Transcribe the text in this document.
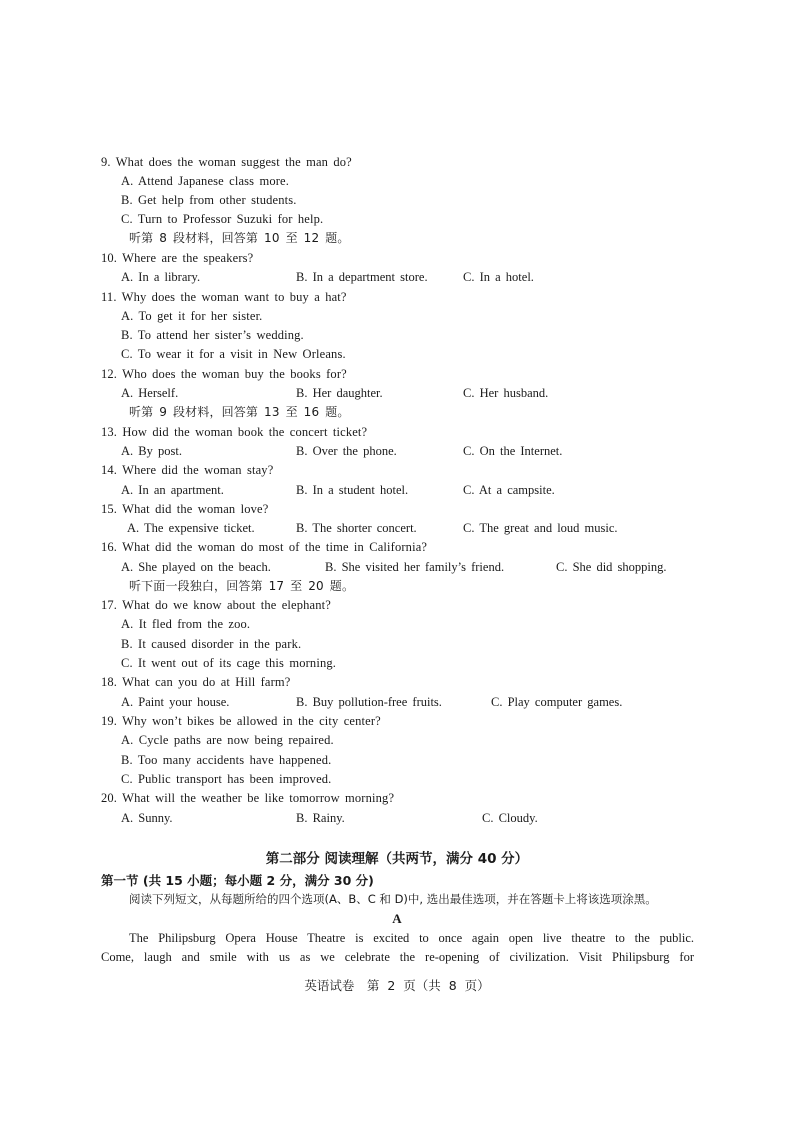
9. What does the woman suggest the man do?
A. Attend Japanese class more.
B. Get help from other students.
C. Turn to Professor Suzuki for help.
听第 8 段材料，回答第 10 至 12 题。
10. Where are the speakers?
A. In a library.	B. In a department store.	C. In a hotel.
11. Why does the woman want to buy a hat?
A. To get it for her sister.
B. To attend her sister’s wedding.
C. To wear it for a visit in New Orleans.
12. Who does the woman buy the books for?
A. Herself.	B. Her daughter.	C. Her husband.
听第 9 段材料，回答第 13 至 16 题。
13. How did the woman book the concert ticket?
A. By post.	B. Over the phone.	C. On the Internet.
14. Where did the woman stay?
A. In an apartment.	B. In a student hotel.	C. At a campsite.
15. What did the woman love?
A. The expensive ticket.	B. The shorter concert.	C. The great and loud music.
16. What did the woman do most of the time in California?
A. She played on the beach.	B. She visited her family’s friend.	C. She did shopping.
听下面一段独白，回答第 17 至 20 题。
17. What do we know about the elephant?
A. It fled from the zoo.
B. It caused disorder in the park.
C. It went out of its cage this morning.
18. What can you do at Hill farm?
A. Paint your house.	B. Buy pollution-free fruits.	C. Play computer games.
19. Why won’t bikes be allowed in the city center?
A. Cycle paths are now being repaired.
B. Too many accidents have happened.
C. Public transport has been improved.
20. What will the weather be like tomorrow morning?
A. Sunny.	B. Rainy.	C. Cloudy.
第二部分 阅读理解（共两节，满分 40 分）
第一节 (共 15 小题；每小题 2 分，满分 30 分)
阅读下列短文，从每题所给的四个选项(A、B、C 和 D)中, 选出最佳选项，并在答题卡上将该选项涂黑。
A
The Philipsburg Opera House Theatre is excited to once again open live theatre to the public.
Come, laugh and smile with us as we celebrate the re-opening of civilization. Visit Philipsburg for
英语试卷　第 2 页（共 8 页）
